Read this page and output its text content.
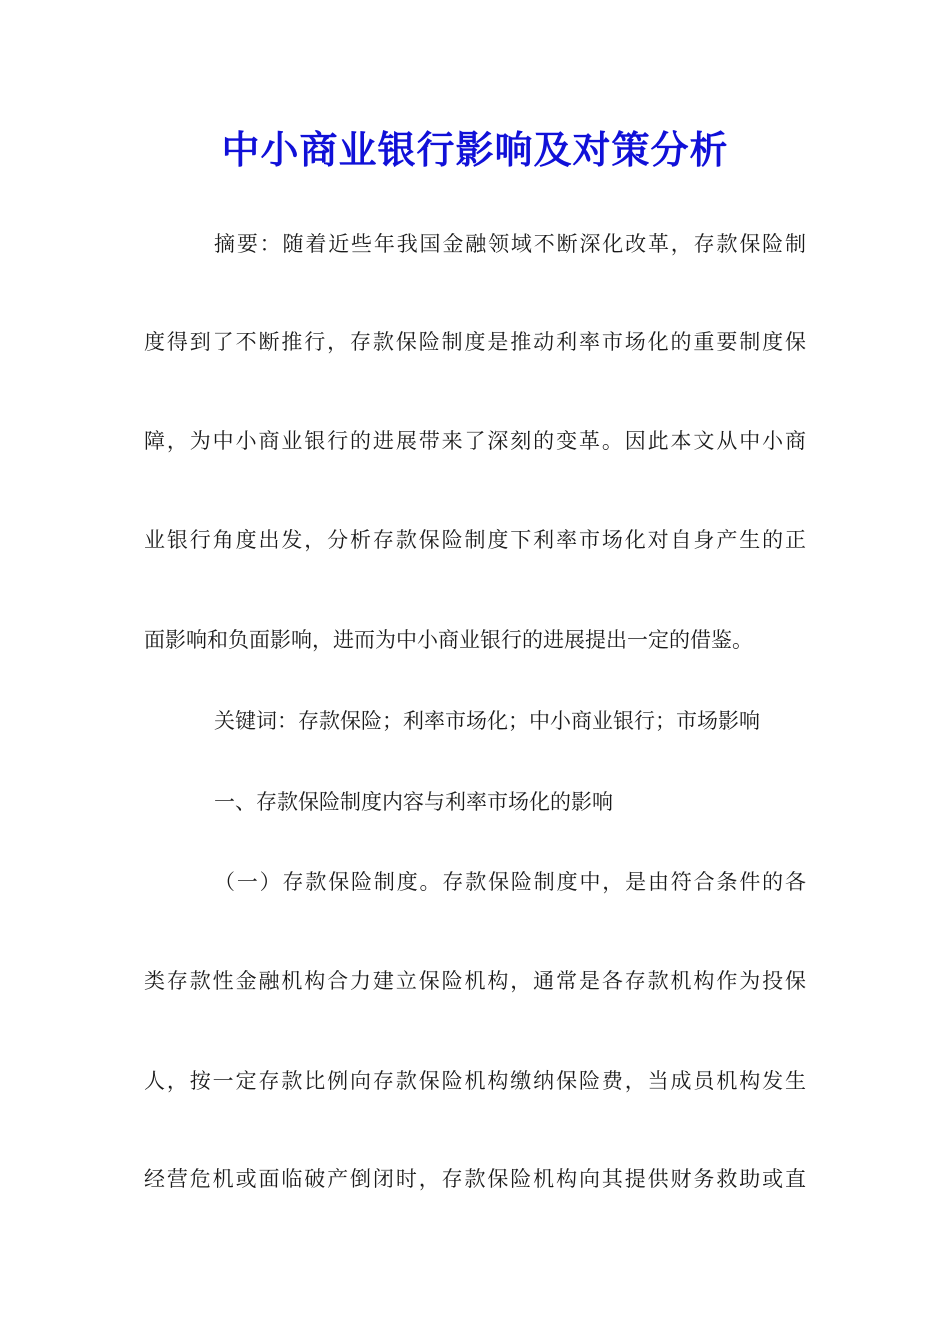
中小商业银行影响及对策分析
摘要：随着近些年我国金融领域不断深化改革，存款保险制
度得到了不断推行，存款保险制度是推动利率市场化的重要制度保
障，为中小商业银行的进展带来了深刻的变革。因此本文从中小商
业银行角度出发，分析存款保险制度下利率市场化对自身产生的正
面影响和负面影响，进而为中小商业银行的进展提出一定的借鉴。
关键词：存款保险；利率市场化；中小商业银行；市场影响
一、存款保险制度内容与利率市场化的影响
（一）存款保险制度。存款保险制度中，是由符合条件的各
类存款性金融机构合力建立保险机构，通常是各存款机构作为投保
人，按一定存款比例向存款保险机构缴纳保险费，当成员机构发生
经营危机或面临破产倒闭时，存款保险机构向其提供财务救助或直
